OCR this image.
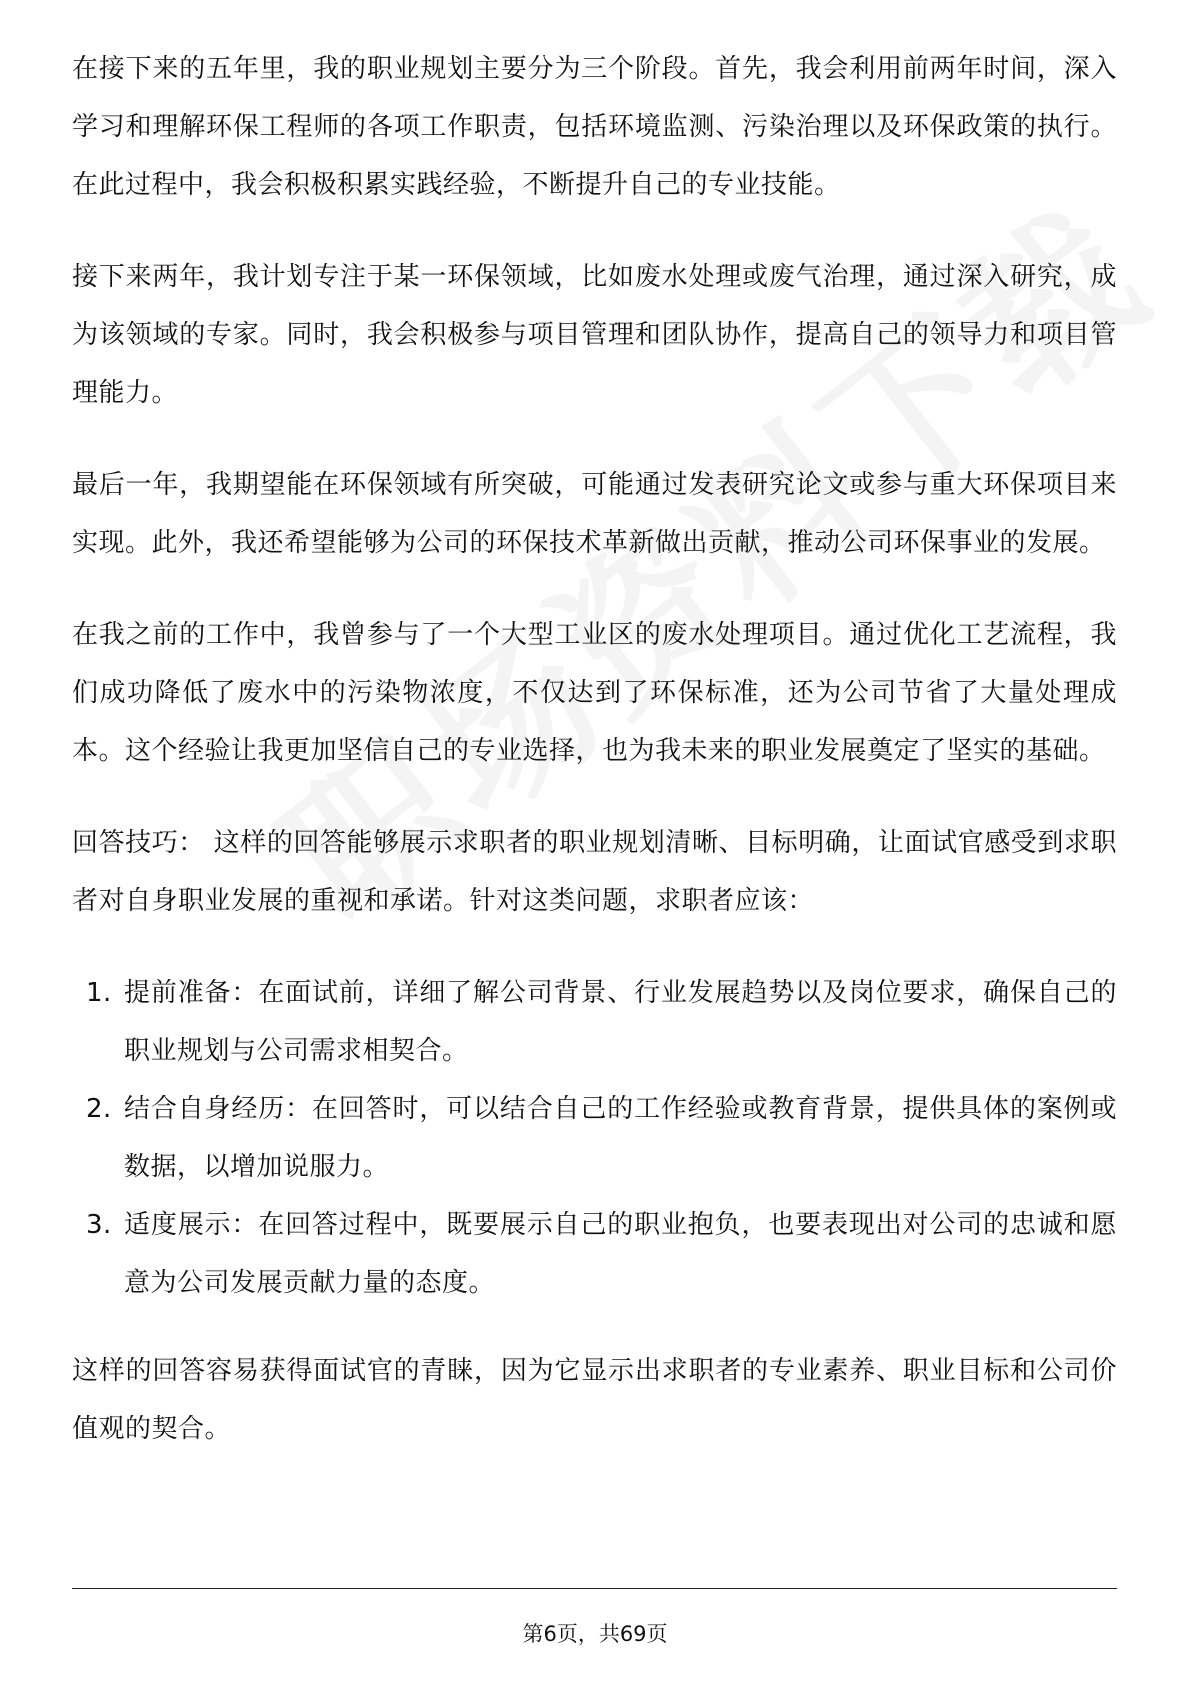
在接下来的五年里，我的职业规划主要分为三个阶段。首先，我会利用前两年时间，深入学习和理解环保工程师的各项工作职责，包括环境监测、污染治理以及环保政策的执行。在此过程中，我会积极积累实践经验，不断提升自己的专业技能。

接下来两年，我计划专注于某一环保领域，比如废水处理或废气治理，通过深入研究，成为该领域的专家。同时，我会积极参与项目管理和团队协作，提高自己的领导力和项目管理能力。

最后一年，我期望能在环保领域有所突破，可能通过发表研究论文或参与重大环保项目来实现。此外，我还希望能够为公司的环保技术革新做出贡献，推动公司环保事业的发展。

在我之前的工作中，我曾参与了一个大型工业区的废水处理项目。通过优化工艺流程，我们成功降低了废水中的污染物浓度，不仅达到了环保标准，还为公司节省了大量处理成本。这个经验让我更加坚信自己的专业选择，也为我未来的职业发展奠定了坚实的基础。

回答技巧： 这样的回答能够展示求职者的职业规划清晰、目标明确，让面试官感受到求职者对自身职业发展的重视和承诺。针对这类问题，求职者应该：

1. 提前准备：在面试前，详细了解公司背景、行业发展趋势以及岗位要求，确保自己的职业规划与公司需求相契合。
2. 结合自身经历：在回答时，可以结合自己的工作经验或教育背景，提供具体的案例或数据，以增加说服力。
3. 适度展示：在回答过程中，既要展示自己的职业抱负，也要表现出对公司的忠诚和愿意为公司发展贡献力量的态度。

这样的回答容易获得面试官的青睐，因为它显示出求职者的专业素养、职业目标和公司价值观的契合。

第6页，共69页
